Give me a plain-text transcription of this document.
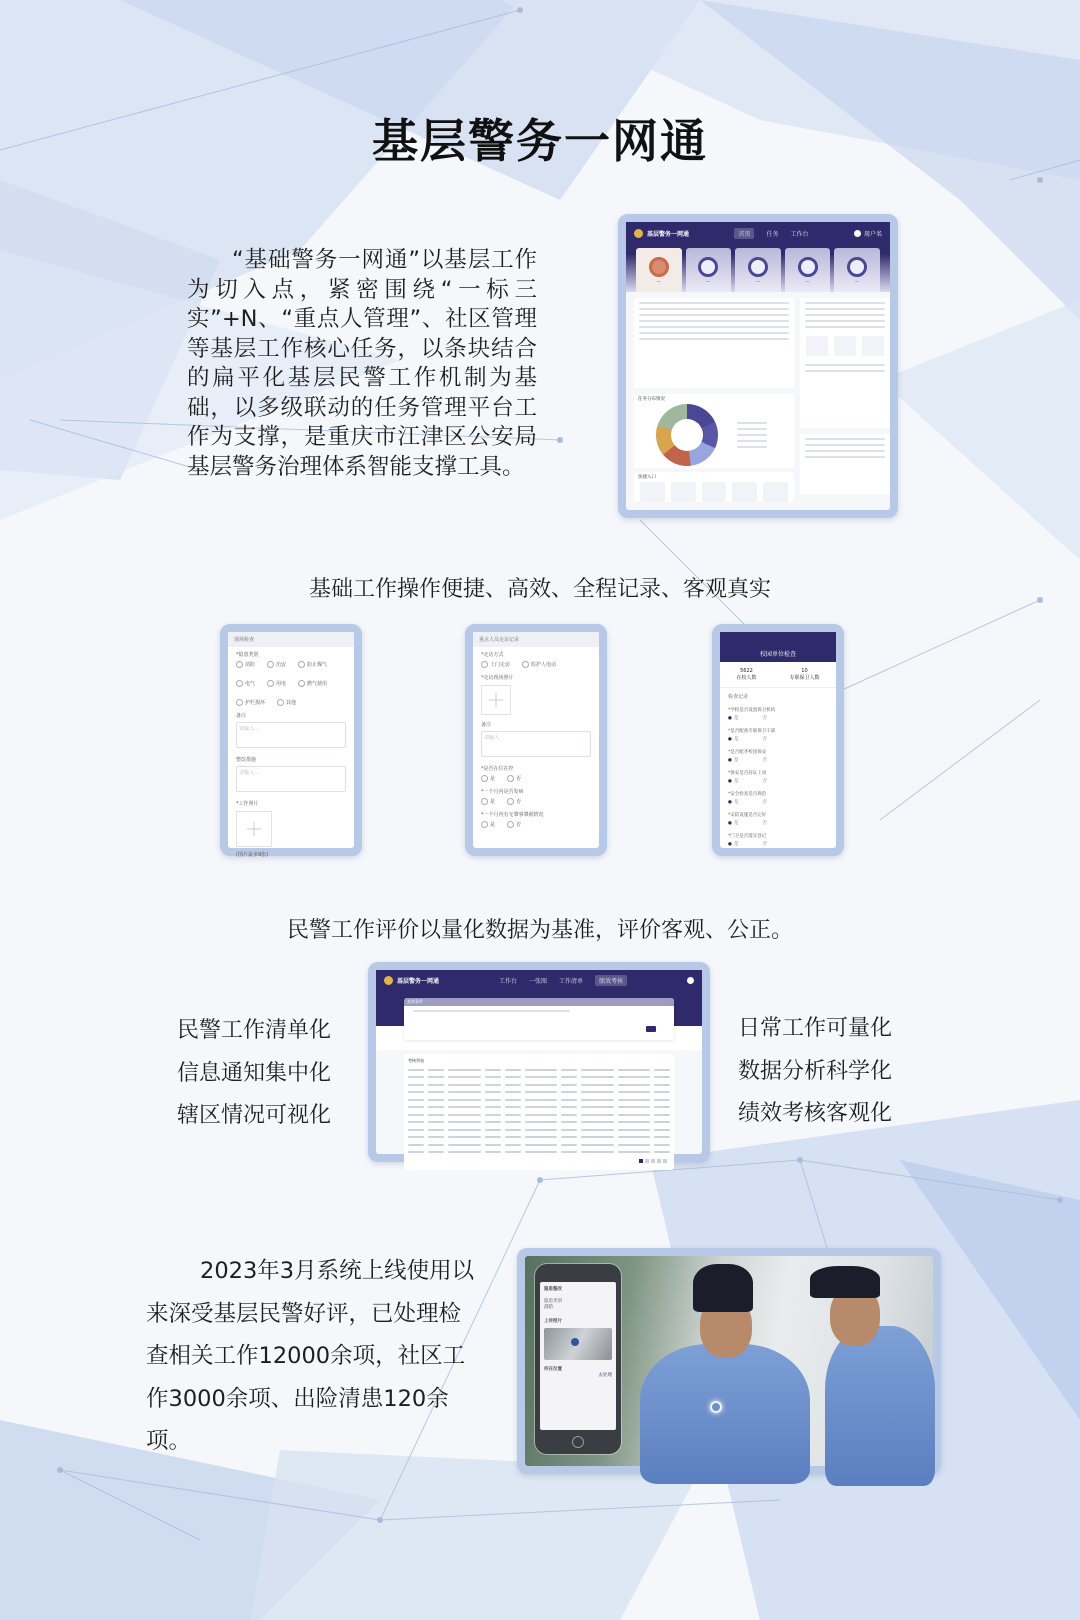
基层警务一网通

“基础警务一网通”以基层工作为切入点，紧密围绕“一标三实”+N、“重点人管理”、社区管理等基层工作核心任务，以条块结合的扁平化基层民警工作机制为基础，以多级联动的任务管理平台工作为支撑，是重庆市江津区公安局基层警务治理体系智能支撑工具。

基层警务一网通	首页	任务 工作台	用户名
—	—	—	—	—
任务分布情况
快捷入口
基础工作操作便捷、高效、全程记录、客观真实
现场检查
*隐患类别
消防	治安	防止煤气
电气	用电	燃气使用
护栏损坏	其他
备注
请输入...
整改措施
请输入...
*工作照片
(图片最多9张)
重点人员走访记录
*走访方式
上门走访	监护人电话
*走访现场照片
备注
请输入
*是否在位在控
是	否
*一个月内是否发病
是	否
*一个月内有无肇事肇祸情况
是	否
校园单位检查
5622
在校人数
10
专职保卫人数
检查记录
*学校是否设置保卫机构
● 是	否
*是否配备专职保卫干部
● 是	否
*是否配齐校园保安
● 是	否
*保安是否持证上岗
● 是	否
*安全检查是否规范
● 是	否
*安防设施是否完好
● 是	否
*门卫是否落实登记
● 是	否
民警工作评价以量化数据为基准，评价客观、公正。
民警工作清单化
信息通知集中化
辖区情况可视化
日常工作可量化
数据分析科学化
绩效考核客观化
基层警务一网通	工作台 一张图 工作清单	绩效考核
查询条件
考核列表

2023年3月系统上线使用以来深受基层民警好评，已处理检查相关工作12000余项，社区工作3000余项、出险清患120余项。

隐患整改
隐患类别
消防
上传照片
所在位置
去处理
